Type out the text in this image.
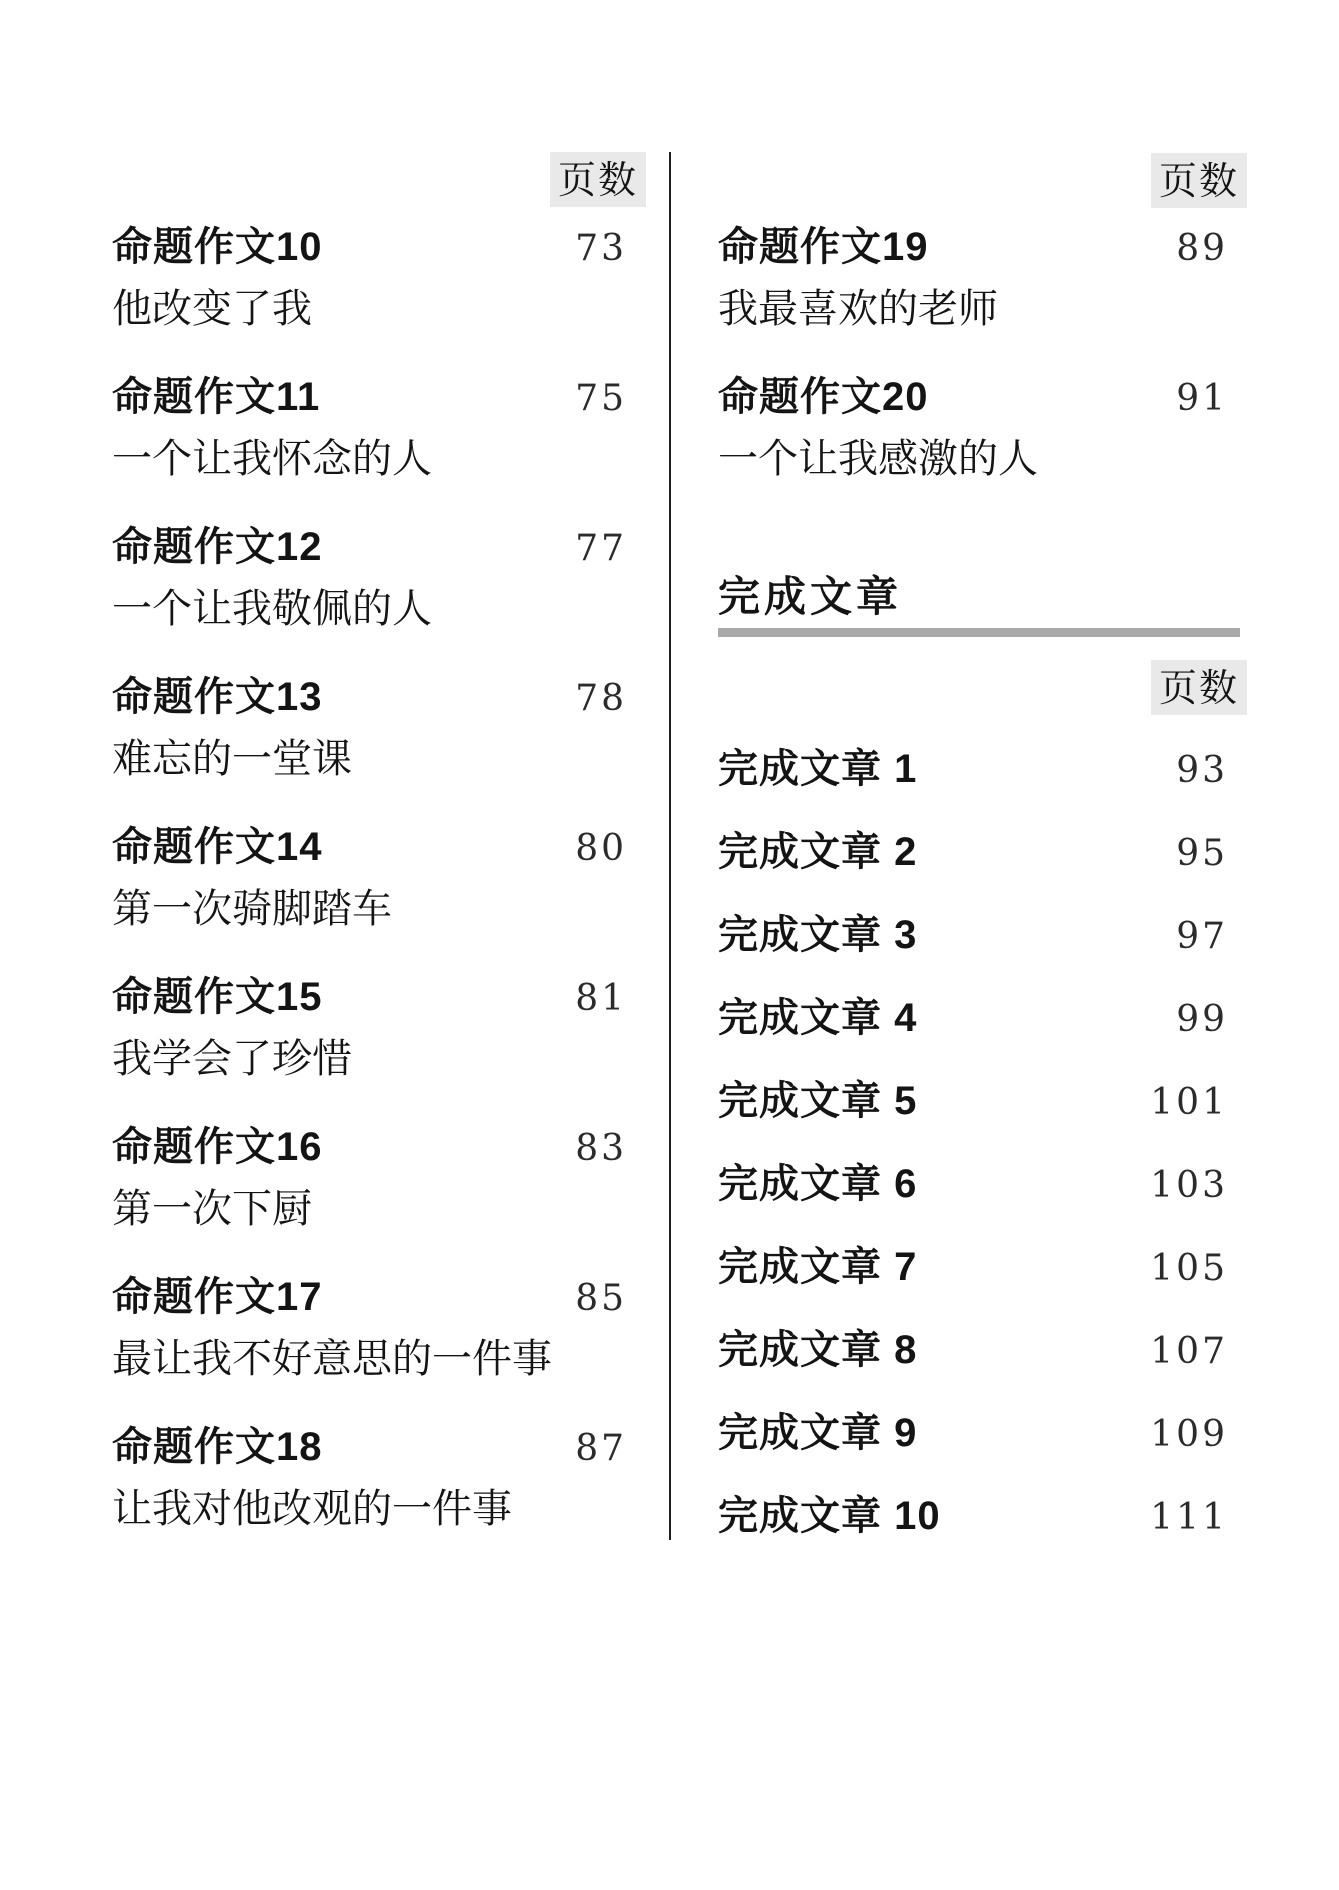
页数
命题作文10	73
他改变了我
命题作文11	75
一个让我怀念的人
命题作文12	77
一个让我敬佩的人
命题作文13	78
难忘的一堂课
命题作文14	80
第一次骑脚踏车
命题作文15	81
我学会了珍惜
命题作文16	83
第一次下厨
命题作文17	85
最让我不好意思的一件事
命题作文18	87
让我对他改观的一件事
页数
命题作文19	89
我最喜欢的老师
命题作文20	91
一个让我感激的人
完成文章
页数
完成文章 1	93
完成文章 2	95
完成文章 3	97
完成文章 4	99
完成文章 5	101
完成文章 6	103
完成文章 7	105
完成文章 8	107
完成文章 9	109
完成文章 10	111
